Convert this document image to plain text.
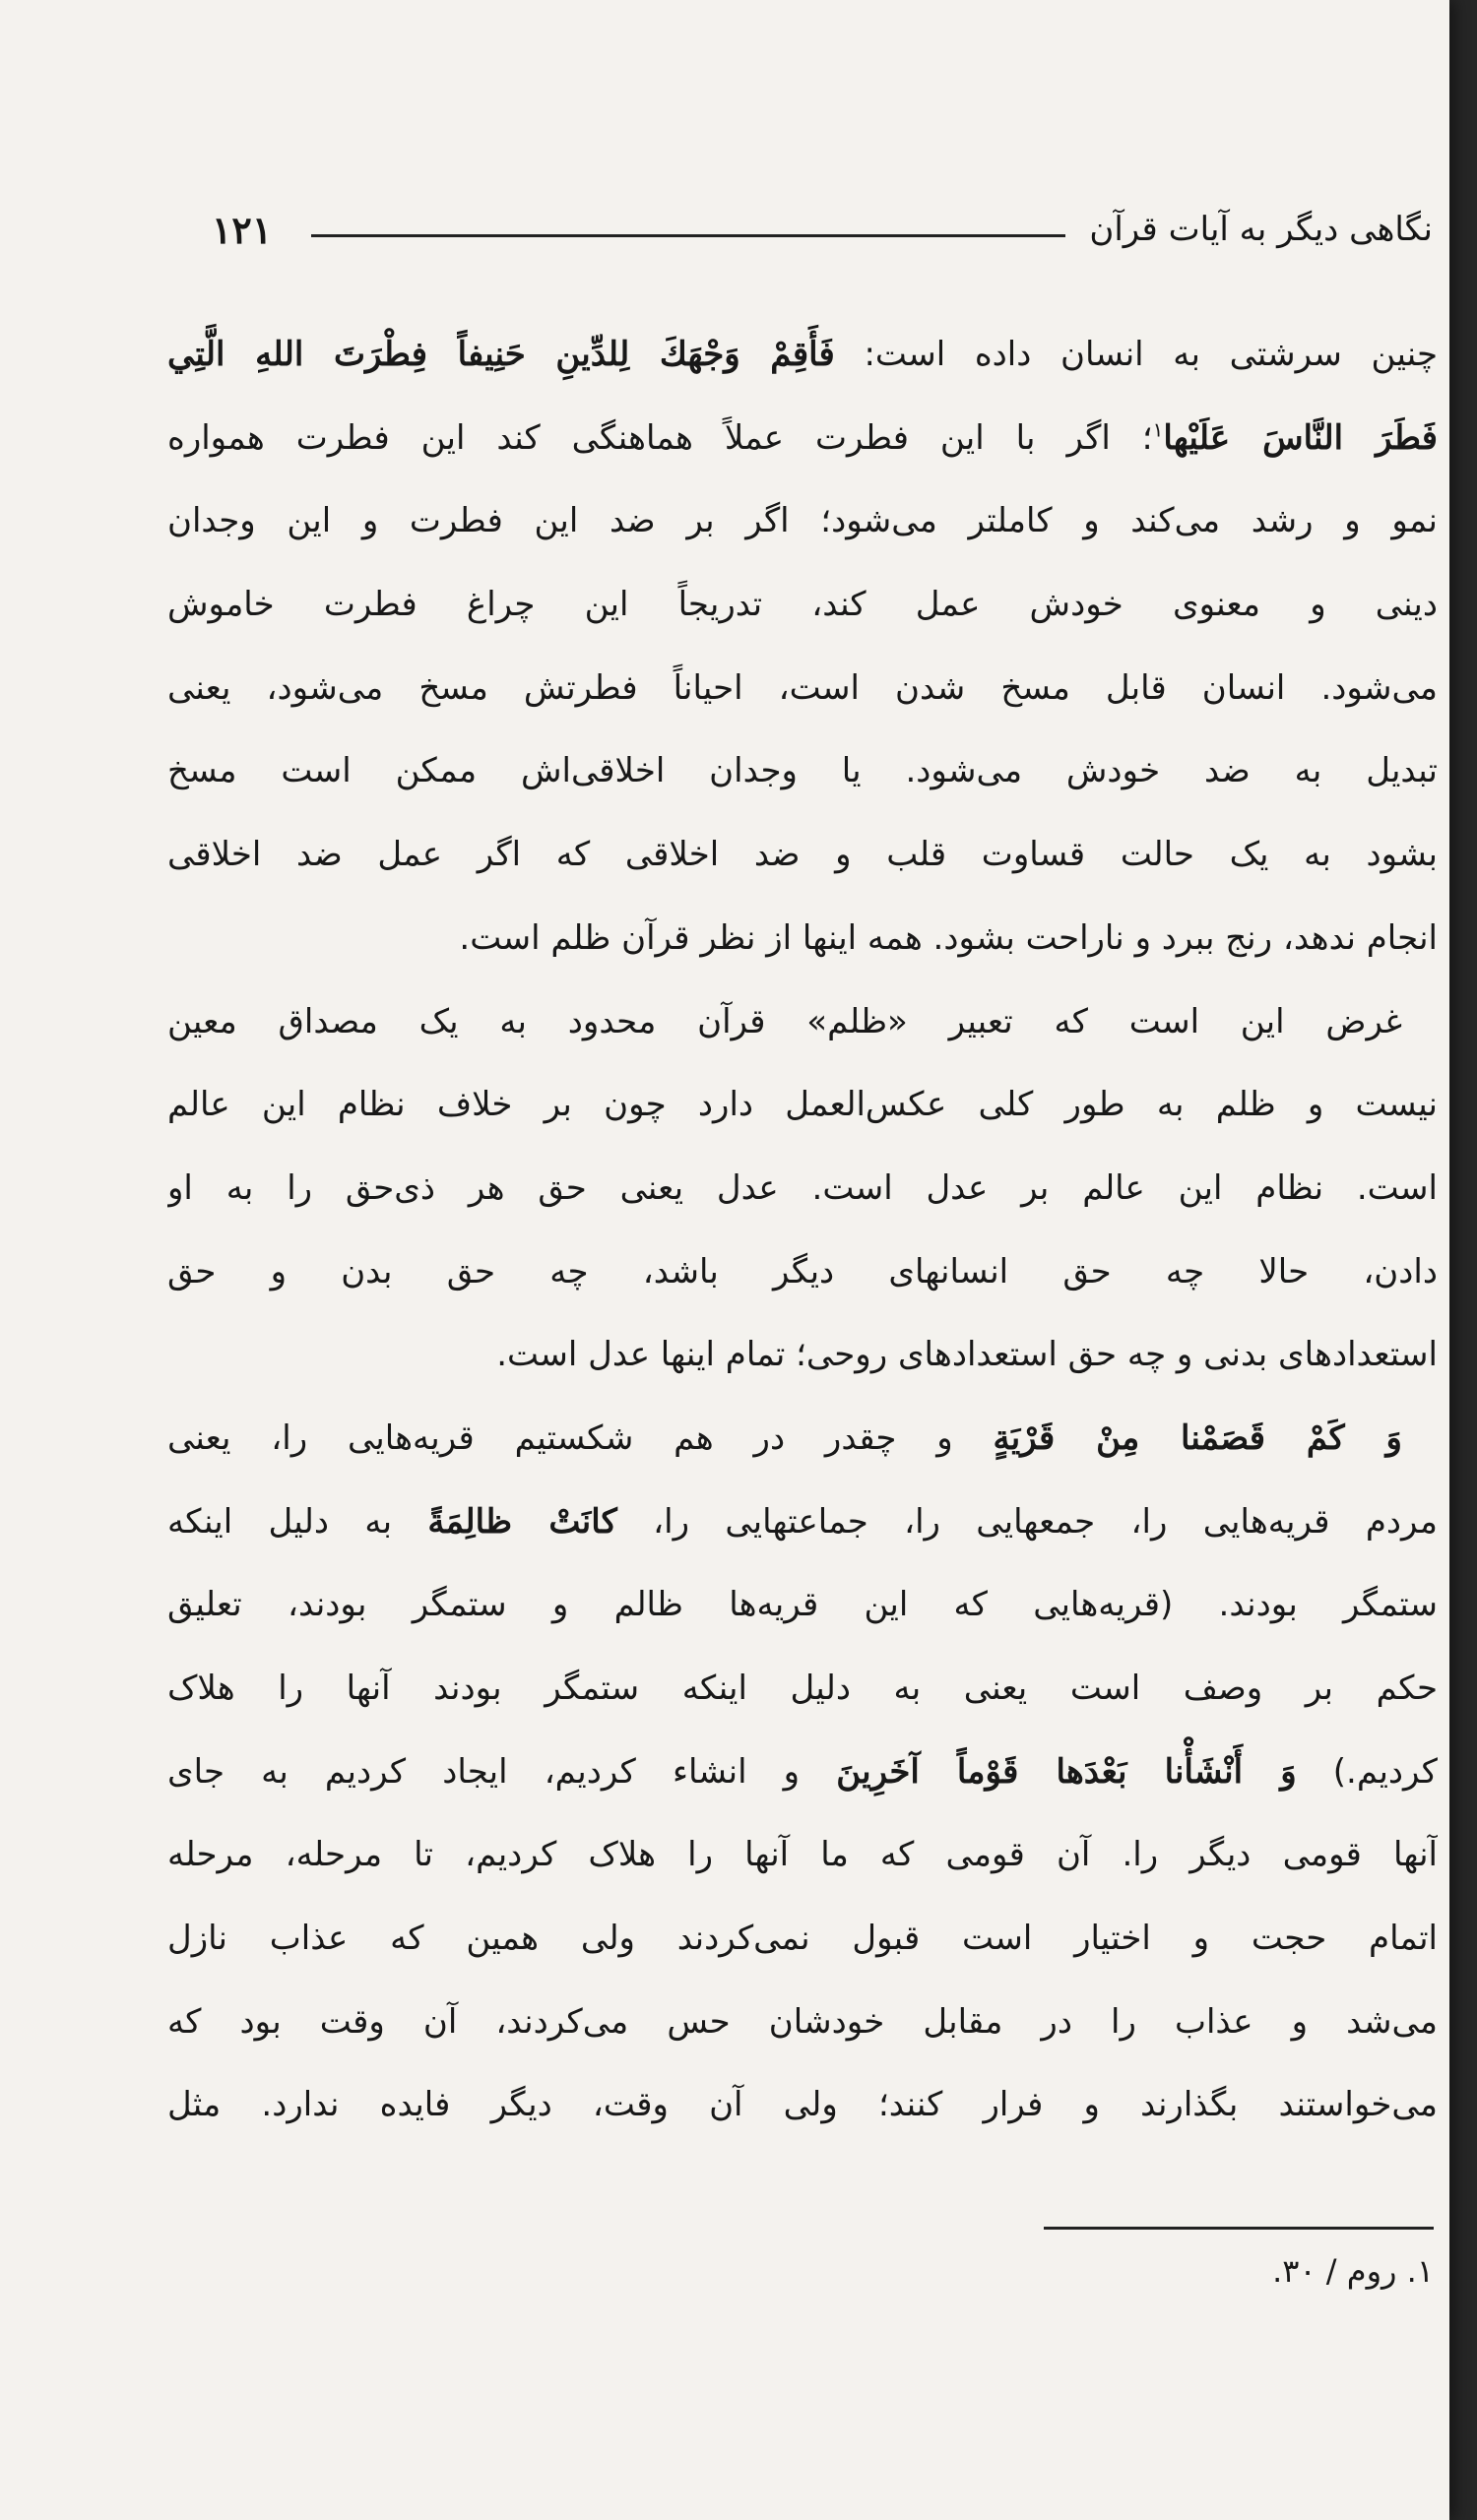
نگاهی دیگر به آیات قرآن
۱۲۱
چنین سرشتی به انسان داده است: فَأَقِمْ وَجْهَكَ لِلدِّينِ حَنِيفاً فِطْرَتَ اللهِ الَّتِي
فَطَرَ النَّاسَ عَلَيْها$^۱$؛ اگر با این فطرت عملاً هماهنگی کند این فطرت همواره
نمو و رشد می‌کند و کاملتر می‌شود؛ اگر بر ضد این فطرت و این وجدان
دینی و معنوی خودش عمل کند، تدریجاً این چراغ فطرت خاموش
می‌شود. انسان قابل مسخ شدن است، احیاناً فطرتش مسخ می‌شود، یعنی
تبدیل به ضد خودش می‌شود. یا وجدان اخلاقی‌اش ممکن است مسخ
بشود به یک حالت قساوت قلب و ضد اخلاقی که اگر عمل ضد اخلاقی
انجام ندهد، رنج ببرد و ناراحت بشود. همه اینها از نظر قرآن ظلم است.
غرض این است که تعبیر «ظلم» قرآن محدود به یک مصداق معین
نیست و ظلم به طور کلی عکس‌العمل دارد چون بر خلاف نظام این عالم
است. نظام این عالم بر عدل است. عدل یعنی حق هر ذی‌حق را به او
دادن، حالا چه حق انسانهای دیگر باشد، چه حق بدن و حق
استعدادهای بدنی و چه حق استعدادهای روحی؛ تمام اینها عدل است.
وَ كَمْ قَصَمْنا مِنْ قَرْيَةٍ و چقدر در هم شکستیم قریه‌هایی را، یعنی
مردم قریه‌هایی را، جمعهایی را، جماعتهایی را، كانَتْ ظالِمَةً به دلیل اینکه
ستمگر بودند. (قریه‌هایی که این قریه‌ها ظالم و ستمگر بودند، تعلیق
حکم بر وصف است یعنی به دلیل اینکه ستمگر بودند آنها را هلاک
کردیم.) وَ أَنْشَأْنا بَعْدَها قَوْماً آخَرِينَ و انشاء کردیم، ایجاد کردیم به جای
آنها قومی دیگر را. آن قومی که ما آنها را هلاک کردیم، تا مرحله، مرحله
اتمام حجت و اختیار است قبول نمی‌کردند ولی همین که عذاب نازل
می‌شد و عذاب را در مقابل خودشان حس می‌کردند، آن وقت بود که
می‌خواستند بگذارند و فرار کنند؛ ولی آن وقت، دیگر فایده ندارد. مثل
۱. روم / ۳۰.
